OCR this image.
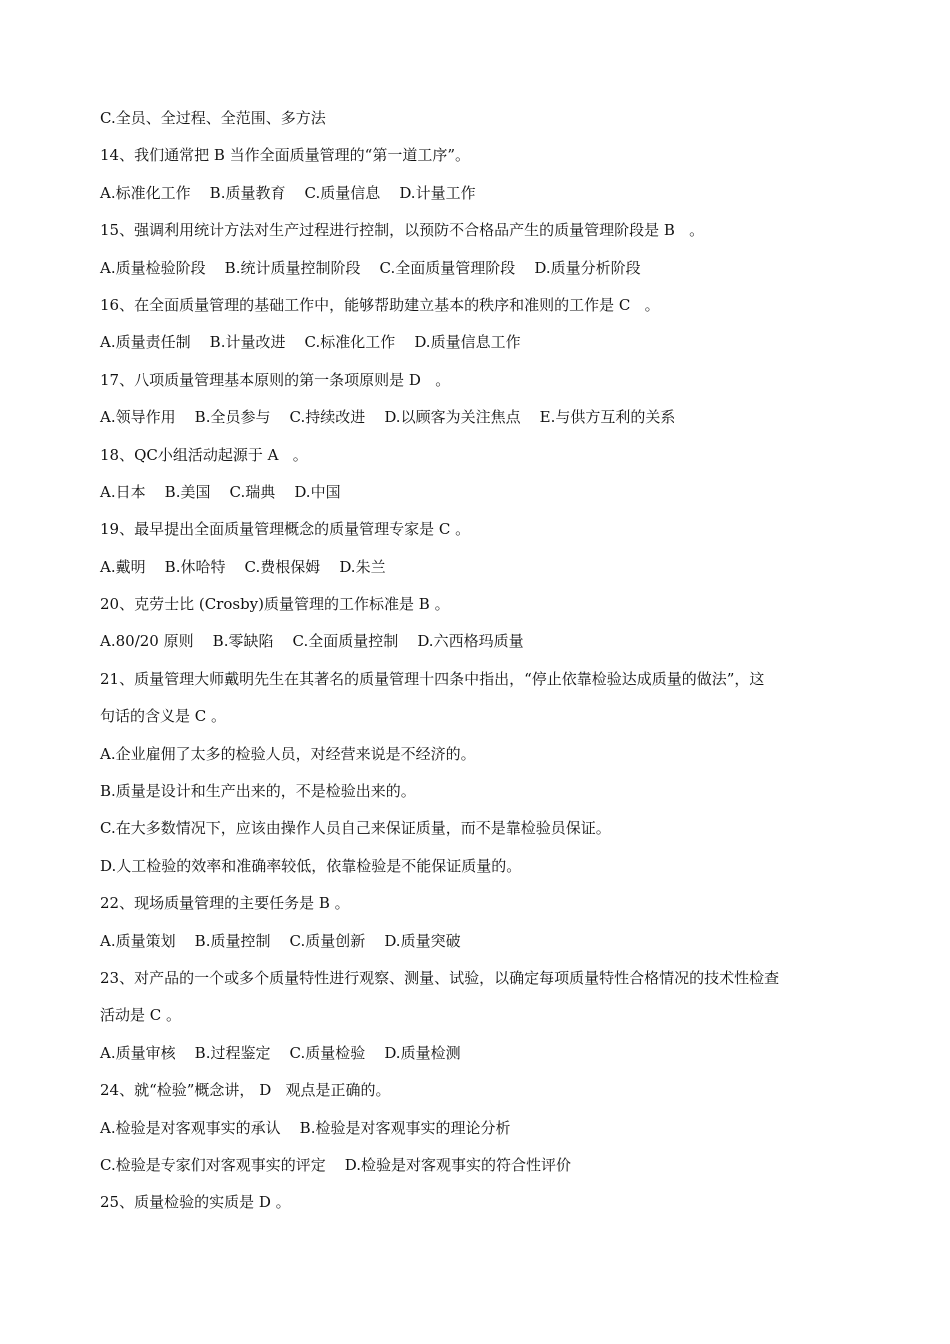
C.全员、全过程、全范围、多方法
14、我们通常把 B 当作全面质量管理的“第一道工序”。
A.标准化工作    B.质量教育    C.质量信息    D.计量工作
15、强调利用统计方法对生产过程进行控制，以预防不合格品产生的质量管理阶段是 B   。
A.质量检验阶段    B.统计质量控制阶段    C.全面质量管理阶段    D.质量分析阶段
16、在全面质量管理的基础工作中，能够帮助建立基本的秩序和准则的工作是 C   。
A.质量责任制    B.计量改进    C.标准化工作    D.质量信息工作
17、八项质量管理基本原则的第一条项原则是 D   。
A.领导作用    B.全员参与    C.持续改进    D.以顾客为关注焦点    E.与供方互利的关系
18、QC小组活动起源于 A   。
A.日本    B.美国    C.瑞典    D.中国
19、最早提出全面质量管理概念的质量管理专家是 C 。
A.戴明    B.休哈特    C.费根保姆    D.朱兰
20、克劳士比 (Crosby)质量管理的工作标准是 B 。
A.80/20 原则    B.零缺陷    C.全面质量控制    D.六西格玛质量
21、质量管理大师戴明先生在其著名的质量管理十四条中指出，“停止依靠检验达成质量的做法”，这
句话的含义是 C 。
A.企业雇佣了太多的检验人员，对经营来说是不经济的。
B.质量是设计和生产出来的，不是检验出来的。
C.在大多数情况下，应该由操作人员自己来保证质量，而不是靠检验员保证。
D.人工检验的效率和准确率较低，依靠检验是不能保证质量的。
22、现场质量管理的主要任务是 B 。
A.质量策划    B.质量控制    C.质量创新    D.质量突破
23、对产品的一个或多个质量特性进行观察、测量、试验，以确定每项质量特性合格情况的技术性检查
活动是 C 。
A.质量审核    B.过程鉴定    C.质量检验    D.质量检测
24、就“检验”概念讲， D   观点是正确的。
A.检验是对客观事实的承认    B.检验是对客观事实的理论分析
C.检验是专家们对客观事实的评定    D.检验是对客观事实的符合性评价
25、质量检验的实质是 D 。
